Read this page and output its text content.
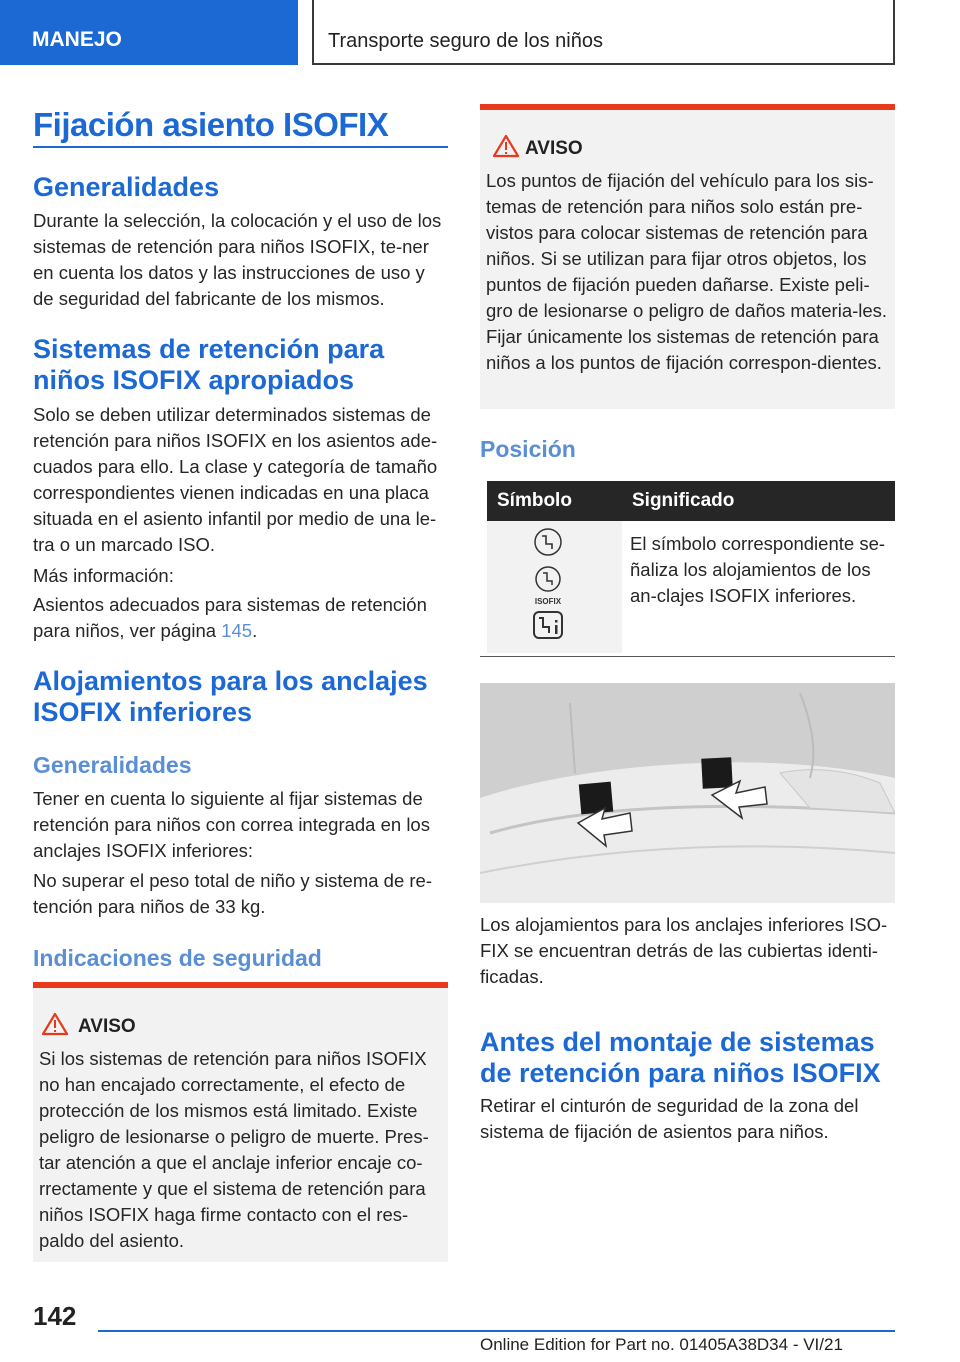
MANEJO	Transporte seguro de los niños
Fijación asiento ISOFIX
Generalidades

Durante la selección, la colocación y el uso de los sistemas de retención para niños ISOFIX, te-ner en cuenta los datos y las instrucciones de uso y de seguridad del fabricante de los mismos.

Sistemas de retención para niños ISOFIX apropiados

Solo se deben utilizar determinados sistemas de retención para niños ISOFIX en los asientos ade-cuados para ello. La clase y categoría de tamaño correspondientes vienen indicadas en una placa situada en el asiento infantil por medio de una le-tra o un marcado ISO.

Más información:

Asientos adecuados para sistemas de retención para niños, ver página 145.

Alojamientos para los anclajes ISOFIX inferiores
Generalidades

Tener en cuenta lo siguiente al fijar sistemas de retención para niños con correa integrada en los anclajes ISOFIX inferiores:

No superar el peso total de niño y sistema de re-tención para niños de 33 kg.

Indicaciones de seguridad
AVISO

Si los sistemas de retención para niños ISOFIX no han encajado correctamente, el efecto de protección de los mismos está limitado. Existe peligro de lesionarse o peligro de muerte. Pres-tar atención a que el anclaje inferior encaje co-rrectamente y que el sistema de retención para niños ISOFIX haga firme contacto con el res-paldo del asiento.

AVISO

Los puntos de fijación del vehículo para los sis-temas de retención para niños solo están pre-vistos para colocar sistemas de retención para niños. Si se utilizan para fijar otros objetos, los puntos de fijación pueden dañarse. Existe peli-gro de lesionarse o peligro de daños materia-les. Fijar únicamente los sistemas de retención para niños a los puntos de fijación correspon-dientes.

Posición
Símbolo	Significado

ISOFIX	El símbolo correspondiente se-ñaliza los alojamientos de los an-clajes ISOFIX inferiores.

Los alojamientos para los anclajes inferiores ISO-FIX se encuentran detrás de las cubiertas identi-ficadas.

Antes del montaje de sistemas de retención para niños ISOFIX

Retirar el cinturón de seguridad de la zona del sistema de fijación de asientos para niños.

142
Online Edition for Part no. 01405A38D34 - VI/21
